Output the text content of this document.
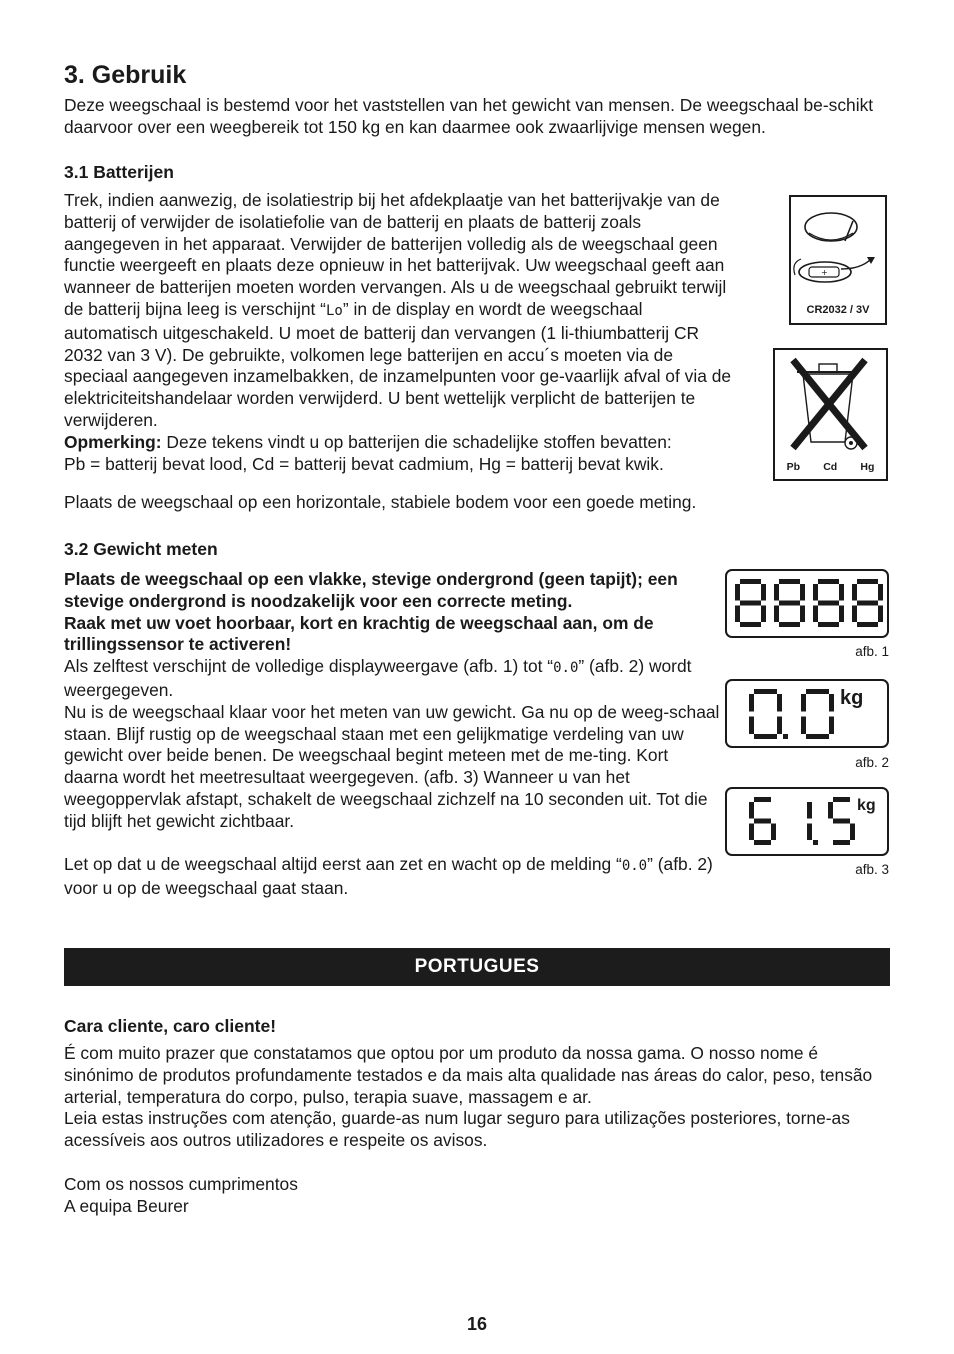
3. Gebruik

Deze weegschaal is bestemd voor het vaststellen van het gewicht van mensen. De weegschaal be-schikt daarvoor over een weegbereik tot 150 kg en kan daarmee ook zwaarlijvige mensen wegen.

3.1 Batterijen

Trek, indien aanwezig, de isolatiestrip bij het afdekplaatje van het batterijvakje van de batterij of verwijder de isolatiefolie van de batterij en plaats de batterij zoals aangegeven in het apparaat. Verwijder de batterijen volledig als de weegschaal geen functie weergeeft en plaats deze opnieuw in het batterijvak. Uw weegschaal geeft aan wanneer de batterijen moeten worden vervangen. Als u de weegschaal gebruikt terwijl de batterij bijna leeg is verschijnt “Lo” in de display en wordt de weegschaal automatisch uitgeschakeld. U moet de batterij dan vervangen (1 li-thiumbatterij CR 2032 van 3 V). De gebruikte, volkomen lege batterijen en accu´s moeten via de speciaal aangegeven inzamelbakken, de inzamelpunten voor ge-vaarlijk afval of via de elektriciteitshandelaar worden verwijderd. U bent wettelijk verplicht de batterijen te verwijderen.

Opmerking: Deze tekens vindt u op batterijen die schadelijke stoffen bevatten:

Pb = batterij bevat lood, Cd = batterij bevat cadmium, Hg = batterij bevat kwik.

Plaats de weegschaal op een horizontale, stabiele bodem voor een goede meting.

+
CR2032 / 3V
Pb Cd Hg
3.2 Gewicht meten

Plaats de weegschaal op een vlakke, stevige ondergrond (geen tapijt); een stevige ondergrond is noodzakelijk voor een correcte meting.

Raak met uw voet hoorbaar, kort en krachtig de weegschaal aan, om de trillingssensor te activeren!

Als zelftest verschijnt de volledige displayweergave (afb. 1) tot “0.0” (afb. 2) wordt weergegeven.

Nu is de weegschaal klaar voor het meten van uw gewicht. Ga nu op de weeg-schaal staan. Blijf rustig op de weegschaal staan met een gelijkmatige verdeling van uw gewicht over beide benen. De weegschaal begint meteen met de me-ting. Kort daarna wordt het meetresultaat weergegeven. (afb. 3) Wanneer u van het weegoppervlak afstapt, schakelt de weegschaal zichzelf na 10 seconden uit. Tot die tijd blijft het gewicht zichtbaar.

Let op dat u de weegschaal altijd eerst aan zet en wacht op de melding “0.0” (afb. 2) voor u op de weegschaal gaat staan.

afb. 1
kg
afb. 2
kg
afb. 3
PORTUGUES
Cara cliente, caro cliente!

É com muito prazer que constatamos que optou por um produto da nossa gama. O nosso nome é sinónimo de produtos profundamente testados e da mais alta qualidade nas áreas do calor, peso, tensão arterial, temperatura do corpo, pulso, terapia suave, massagem e ar.

Leia estas instruções com atenção, guarde-as num lugar seguro para utilizações posteriores, torne-as acessíveis aos outros utilizadores e respeite os avisos.

Com os nossos cumprimentos

A equipa Beurer

16
